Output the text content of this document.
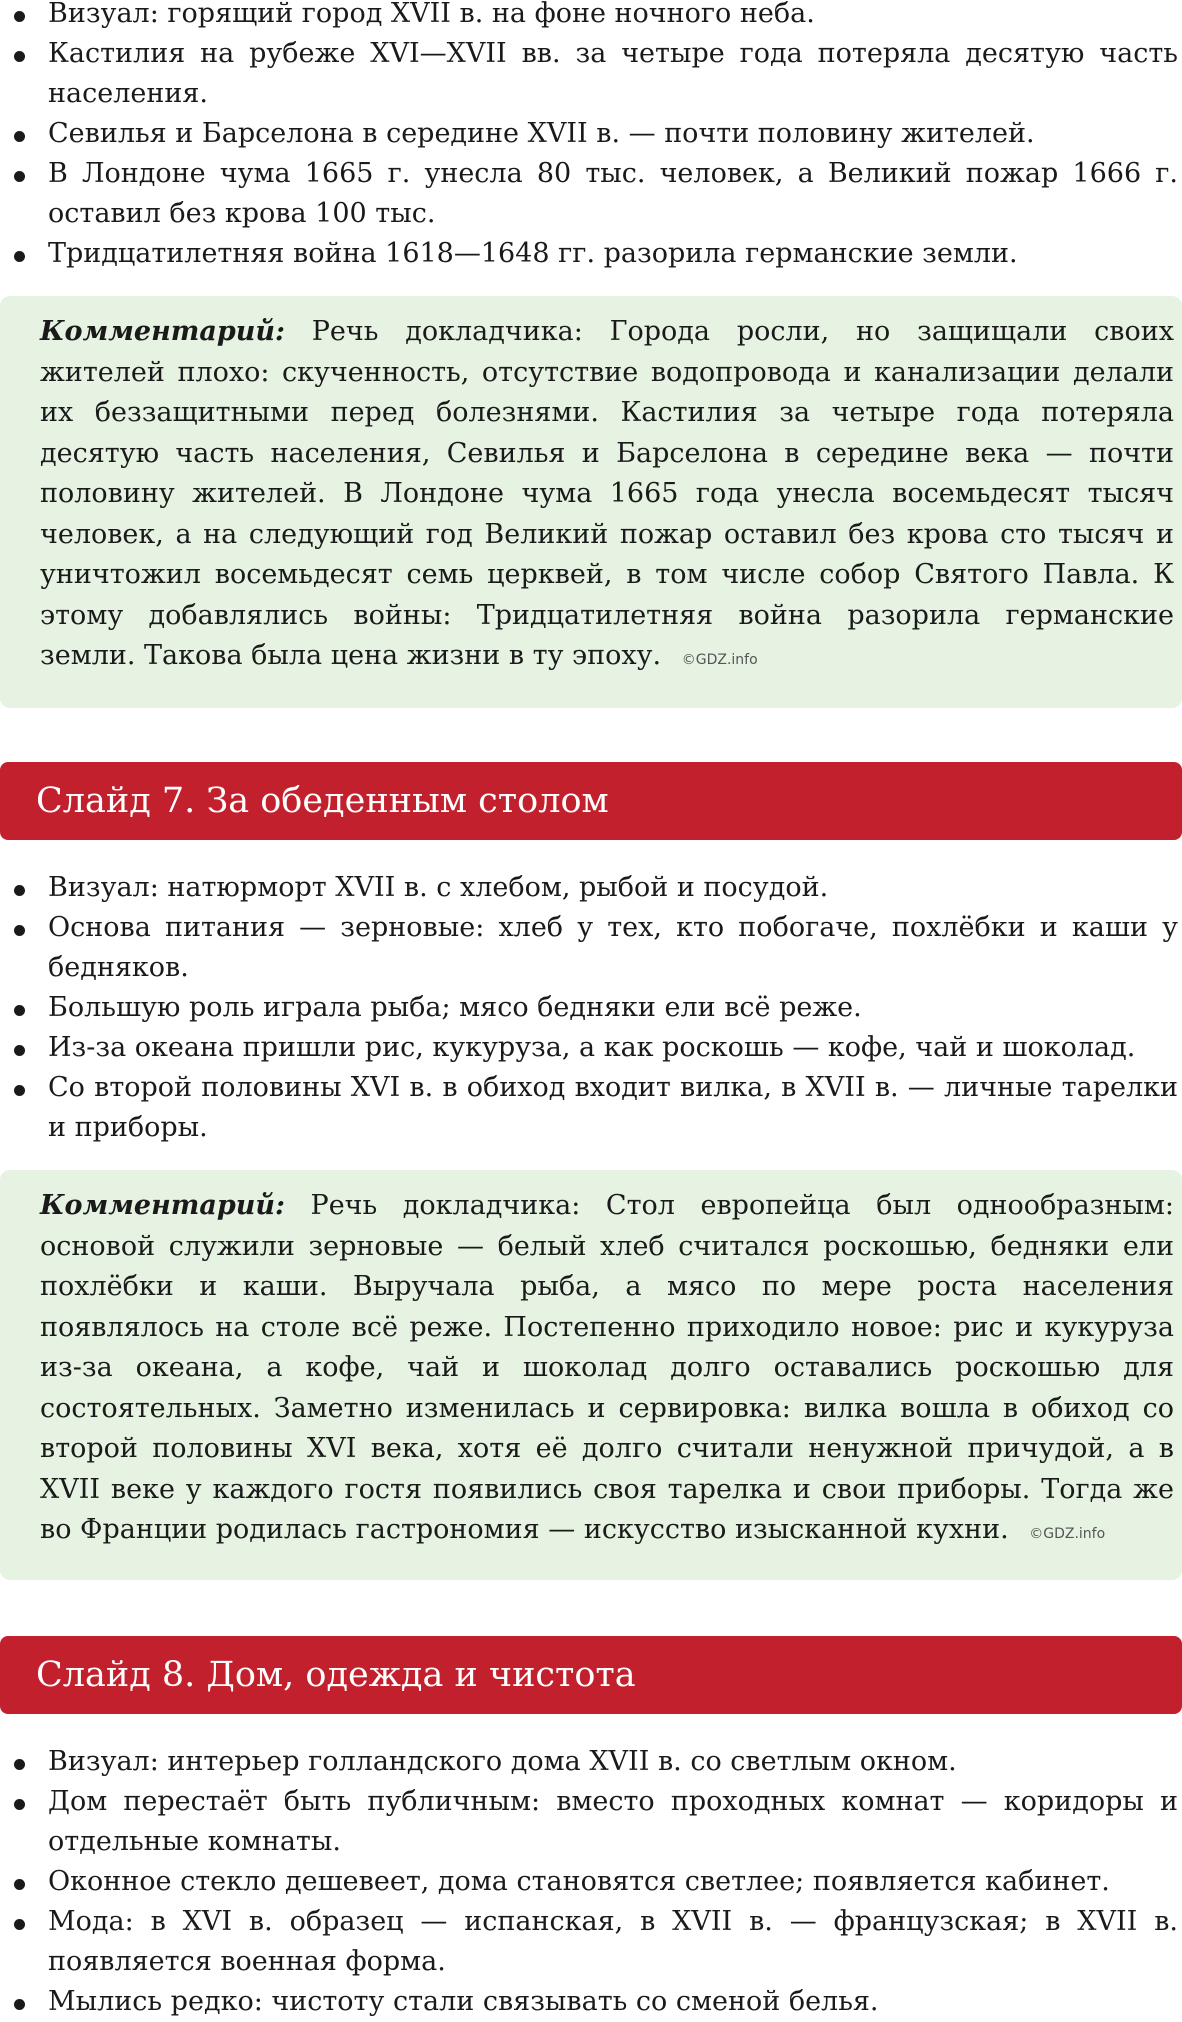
Визуал: горящий город XVII в. на фоне ночного неба.
Кастилия на рубеже XVI—XVII вв. за четыре года потеряла десятую часть населения.
Севилья и Барселона в середине XVII в. — почти половину жителей.
В Лондоне чума 1665 г. унесла 80 тыс. человек, а Великий пожар 1666 г. оставил без крова 100 тыс.
Тридцатилетняя война 1618—1648 гг. разорила германские земли.
Комментарий: Речь докладчика: Города росли, но защищали своих жителей плохо: скученность, отсутствие водопровода и канализации делали их беззащитными перед болезнями. Кастилия за четыре года потеряла десятую часть населения, Севилья и Барселона в середине века — почти половину жителей. В Лондоне чума 1665 года унесла восемьдесят тысяч человек, а на следующий год Великий пожар оставил без крова сто тысяч и уничтожил восемьдесят семь церквей, в том числе собор Святого Павла. К этому добавлялись войны: Тридцатилетняя война разорила германские земли. Такова была цена жизни в ту эпоху. ©GDZ.info
Слайд 7. За обеденным столом
Визуал: натюрморт XVII в. с хлебом, рыбой и посудой.
Основа питания — зерновые: хлеб у тех, кто побогаче, похлёбки и каши у бедняков.
Большую роль играла рыба; мясо бедняки ели всё реже.
Из-за океана пришли рис, кукуруза, а как роскошь — кофе, чай и шоколад.
Со второй половины XVI в. в обиход входит вилка, в XVII в. — личные тарелки и приборы.
Комментарий: Речь докладчика: Стол европейца был однообразным: основой служили зерновые — белый хлеб считался роскошью, бедняки ели похлёбки и каши. Выручала рыба, а мясо по мере роста населения появлялось на столе всё реже. Постепенно приходило новое: рис и кукуруза из-за океана, а кофе, чай и шоколад долго оставались роскошью для состоятельных. Заметно изменилась и сервировка: вилка вошла в обиход со второй половины XVI века, хотя её долго считали ненужной причудой, а в XVII веке у каждого гостя появились своя тарелка и свои приборы. Тогда же во Франции родилась гастрономия — искусство изысканной кухни. ©GDZ.info
Слайд 8. Дом, одежда и чистота
Визуал: интерьер голландского дома XVII в. со светлым окном.
Дом перестаёт быть публичным: вместо проходных комнат — коридоры и отдельные комнаты.
Оконное стекло дешевеет, дома становятся светлее; появляется кабинет.
Мода: в XVI в. образец — испанская, в XVII в. — французская; в XVII в. появляется военная форма.
Мылись редко: чистоту стали связывать со сменой белья.
